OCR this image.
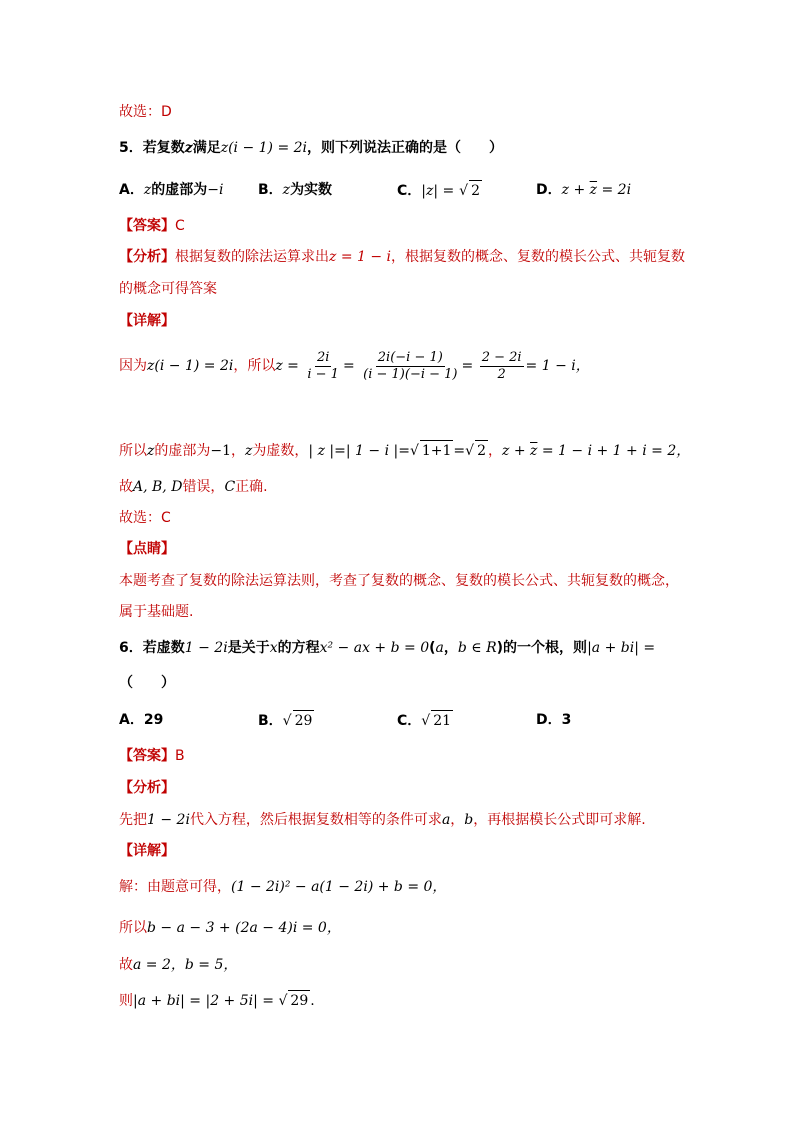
故选：D
5．若复数z满足z(i − 1) = 2i，则下列说法正确的是（　　）
A．z的虚部为−i B．z为实数	C．|z| = √ 2	D．$z + \overline{z} = 2i$
【答案】C
【分析】根据复数的除法运算求出z = 1 − i，根据复数的概念、复数的模长公式、共轭复数
的概念可得答案
【详解】
因为z(i − 1) = 2i，所以$z = \frac{2i}{i - 1} = \frac{2i(-i - 1)}{(i - 1)(-i - 1)} = \frac{2 - 2i}{2} = 1 - i$，
所以z的虚部为−1，z为虚数，| z |=| 1 − i |=√ 1+1 =√ 2 ，$z + \overline{z} = 1 - i + 1 + i = 2$，
故A, B, D错误，C正确.
故选：C
【点睛】
本题考查了复数的除法运算法则，考查了复数的概念、复数的模长公式、共轭复数的概念，
属于基础题.
6．若虚数1 − 2i是关于x的方程x² − ax + b = 0(a，b ∈ R)的一个根，则|a + bi| =
（　　）
A．29	B．√ 29	C．√ 21	D．3
【答案】B
【分析】
先把1 − 2i代入方程，然后根据复数相等的条件可求a，b，再根据模长公式即可求解.
【详解】
解：由题意可得，(1 − 2i)² − a(1 − 2i) + b = 0，
所以b − a − 3 + (2a − 4)i = 0，
故a = 2，b = 5，
则|a + bi| = |2 + 5i| = √ 29 .
